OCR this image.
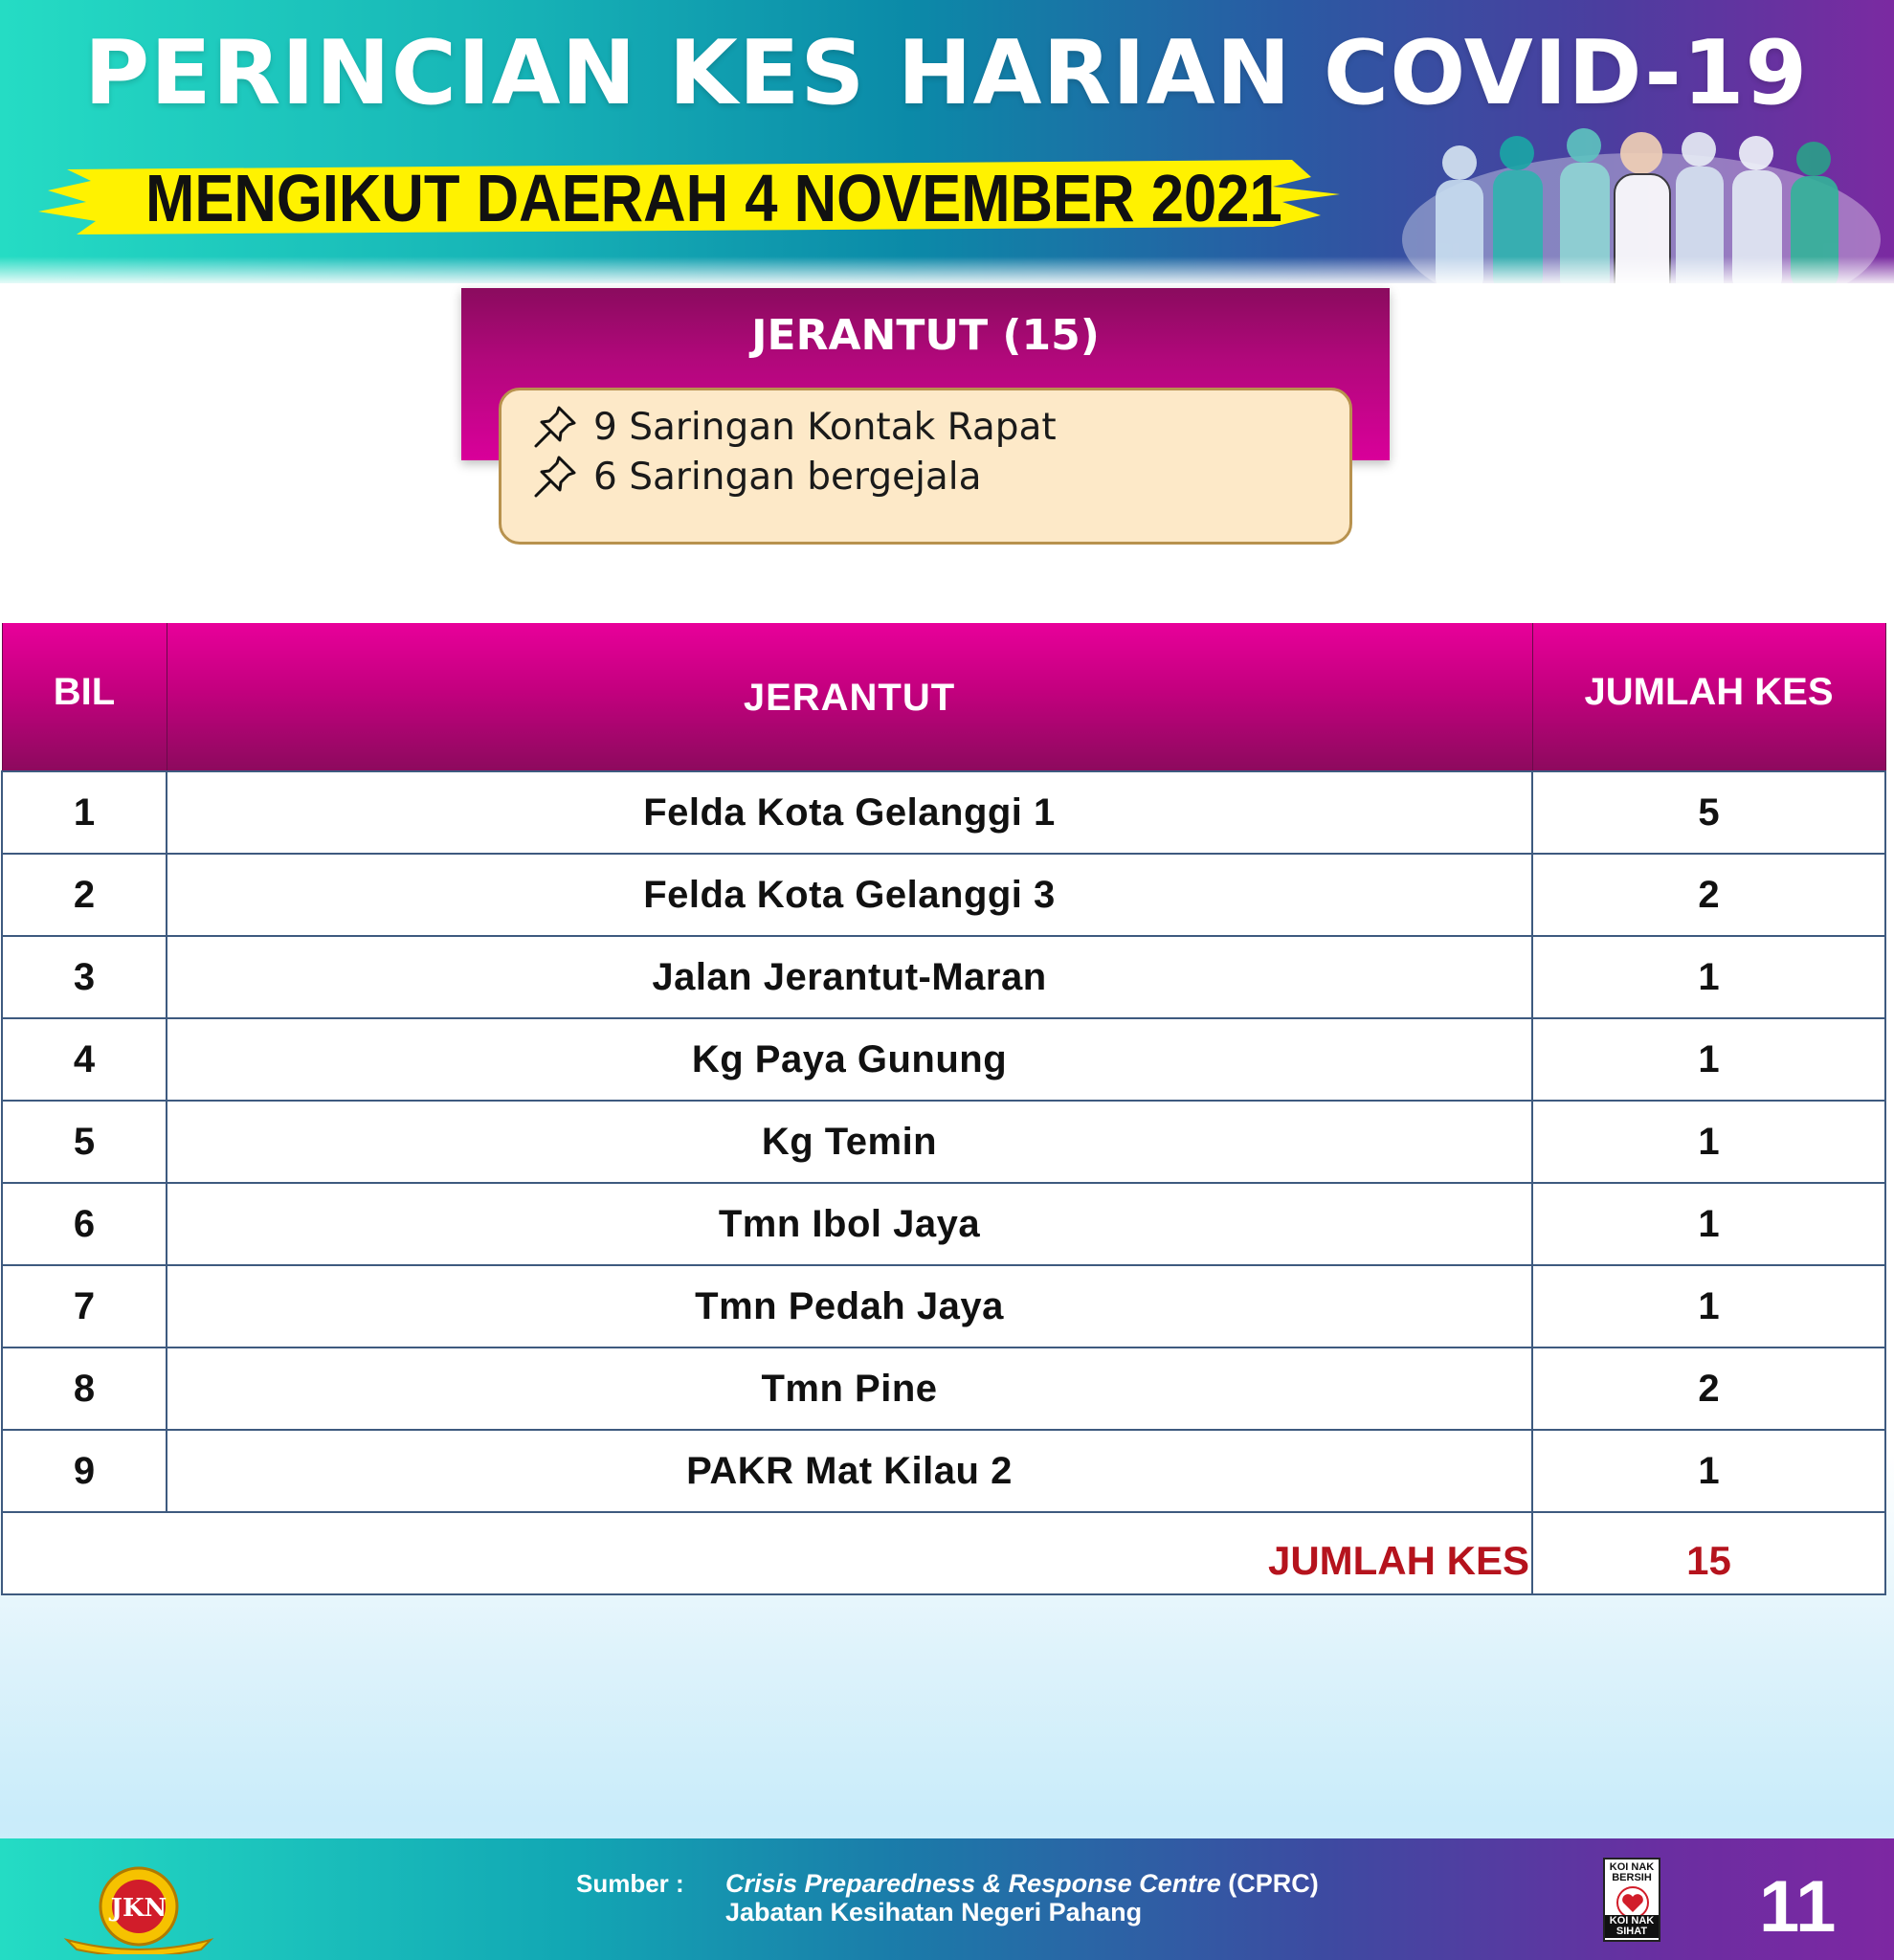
PERINCIAN KES HARIAN COVID-19
MENGIKUT DAERAH 4 NOVEMBER 2021
JERANTUT (15)
9 Saringan Kontak Rapat
6 Saringan bergejala
BIL	JERANTUT	JUMLAH KES
1	Felda Kota Gelanggi 1	5
2	Felda Kota Gelanggi 3	2
3	Jalan Jerantut-Maran	1
4	Kg Paya Gunung	1
5	Kg Temin	1
6	Tmn Ibol Jaya	1
7	Tmn Pedah Jaya	1
8	Tmn Pine	2
9	PAKR Mat Kilau 2	1
JUMLAH KES		15
JKN
Sumber : Crisis Preparedness & Response Centre (CPRC)
Jabatan Kesihatan Negeri Pahang
KOI NAK BERSIH
KOI NAK SIHAT 11
